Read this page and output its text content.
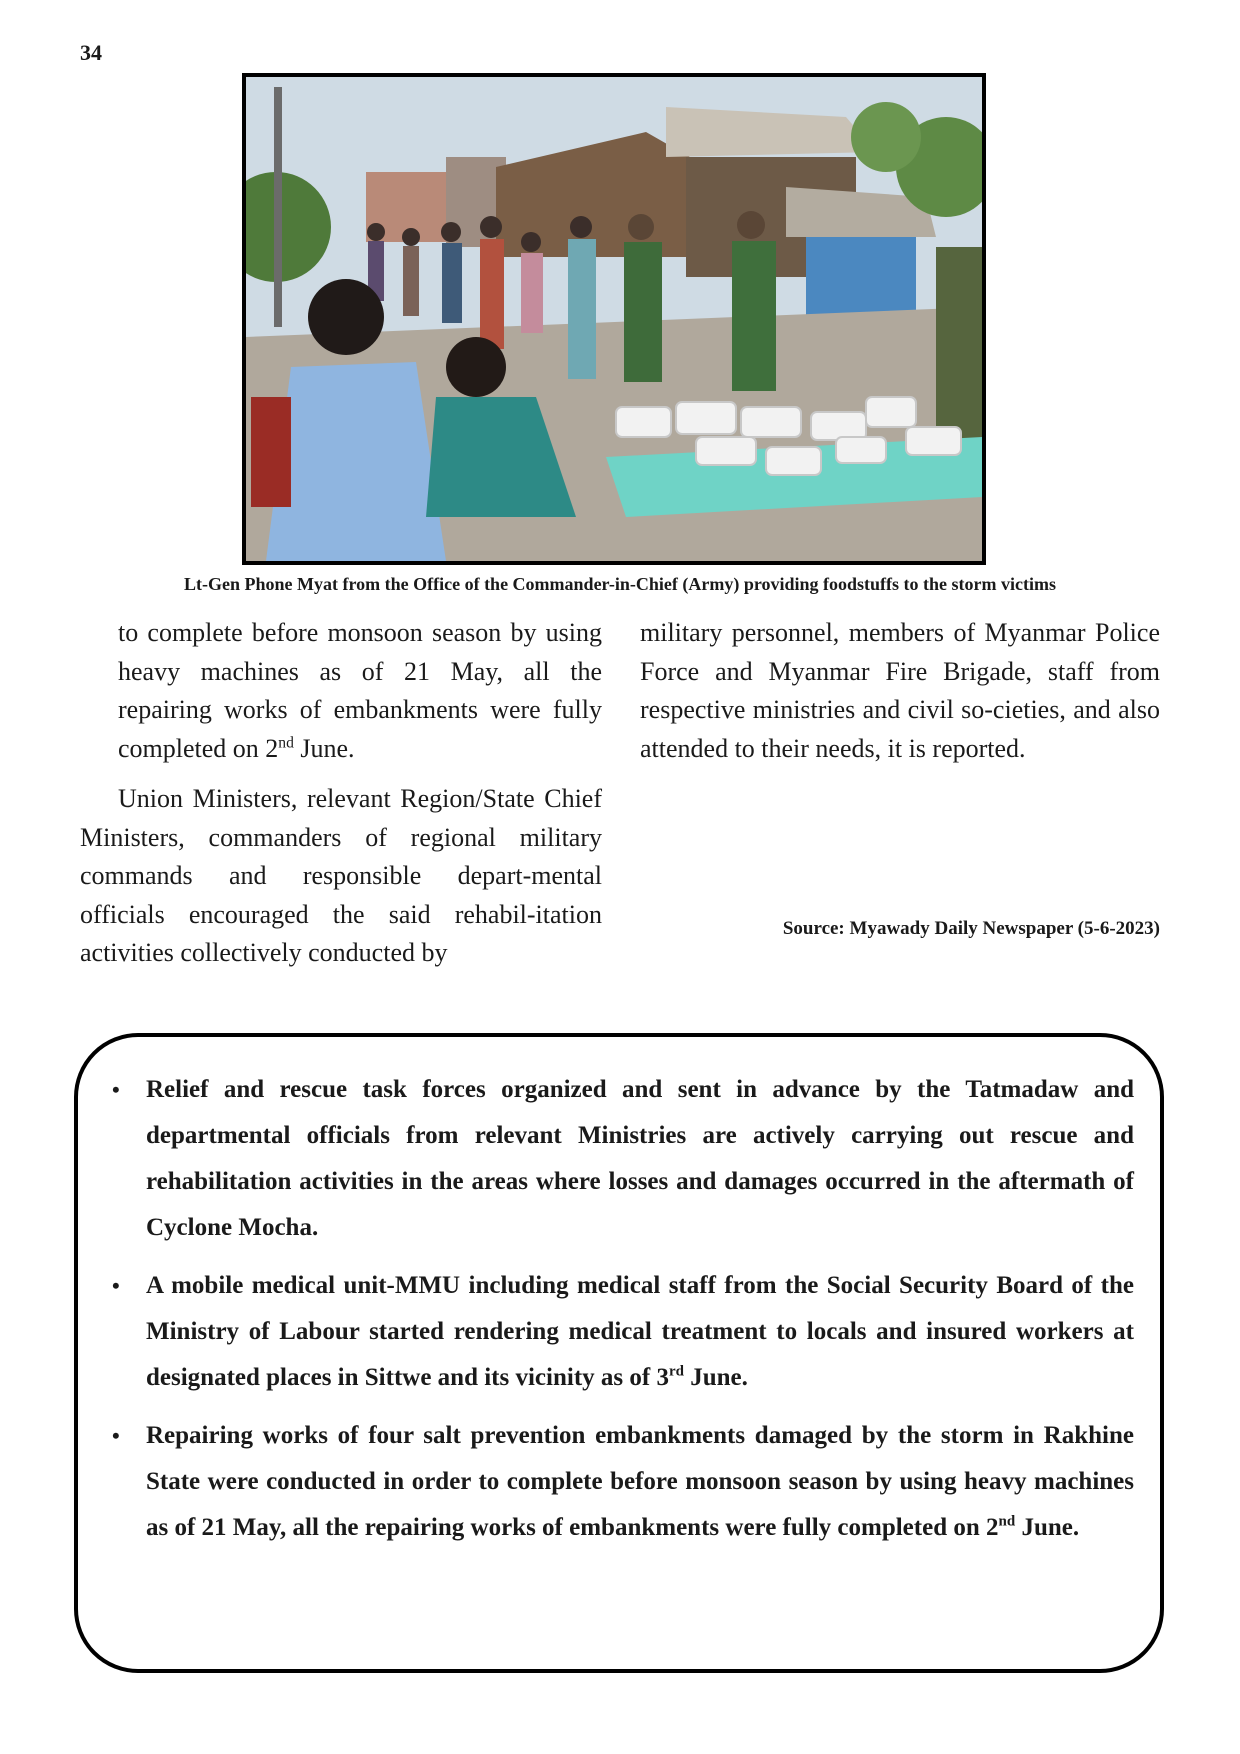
34
Lt-Gen Phone Myat from the Office of the Commander-in-Chief (Army) providing foodstuffs to the storm victims

to complete before monsoon season by using heavy machines as of 21 May, all the repairing works of embankments were fully completed on 2nd June.

Union Ministers, relevant Region/State Chief Ministers, commanders of regional military commands and responsible depart-mental officials encouraged the said rehabil-itation activities collectively conducted by

military personnel, members of Myanmar Police Force and Myanmar Fire Brigade, staff from respective ministries and civil so-cieties, and also attended to their needs, it is reported.

Source: Myawady Daily Newspaper (5-6-2023)
• Relief and rescue task forces organized and sent in advance by the Tatmadaw and departmental officials from relevant Ministries are actively carrying out rescue and rehabilitation activities in the areas where losses and damages occurred in the aftermath of Cyclone Mocha.
• A mobile medical unit-MMU including medical staff from the Social Security Board of the Ministry of Labour started rendering medical treatment to locals and insured workers at designated places in Sittwe and its vicinity as of 3rd June.
• Repairing works of four salt prevention embankments damaged by the storm in Rakhine State were conducted in order to complete before monsoon season by using heavy machines as of 21 May, all the repairing works of embankments were fully completed on 2nd June.
